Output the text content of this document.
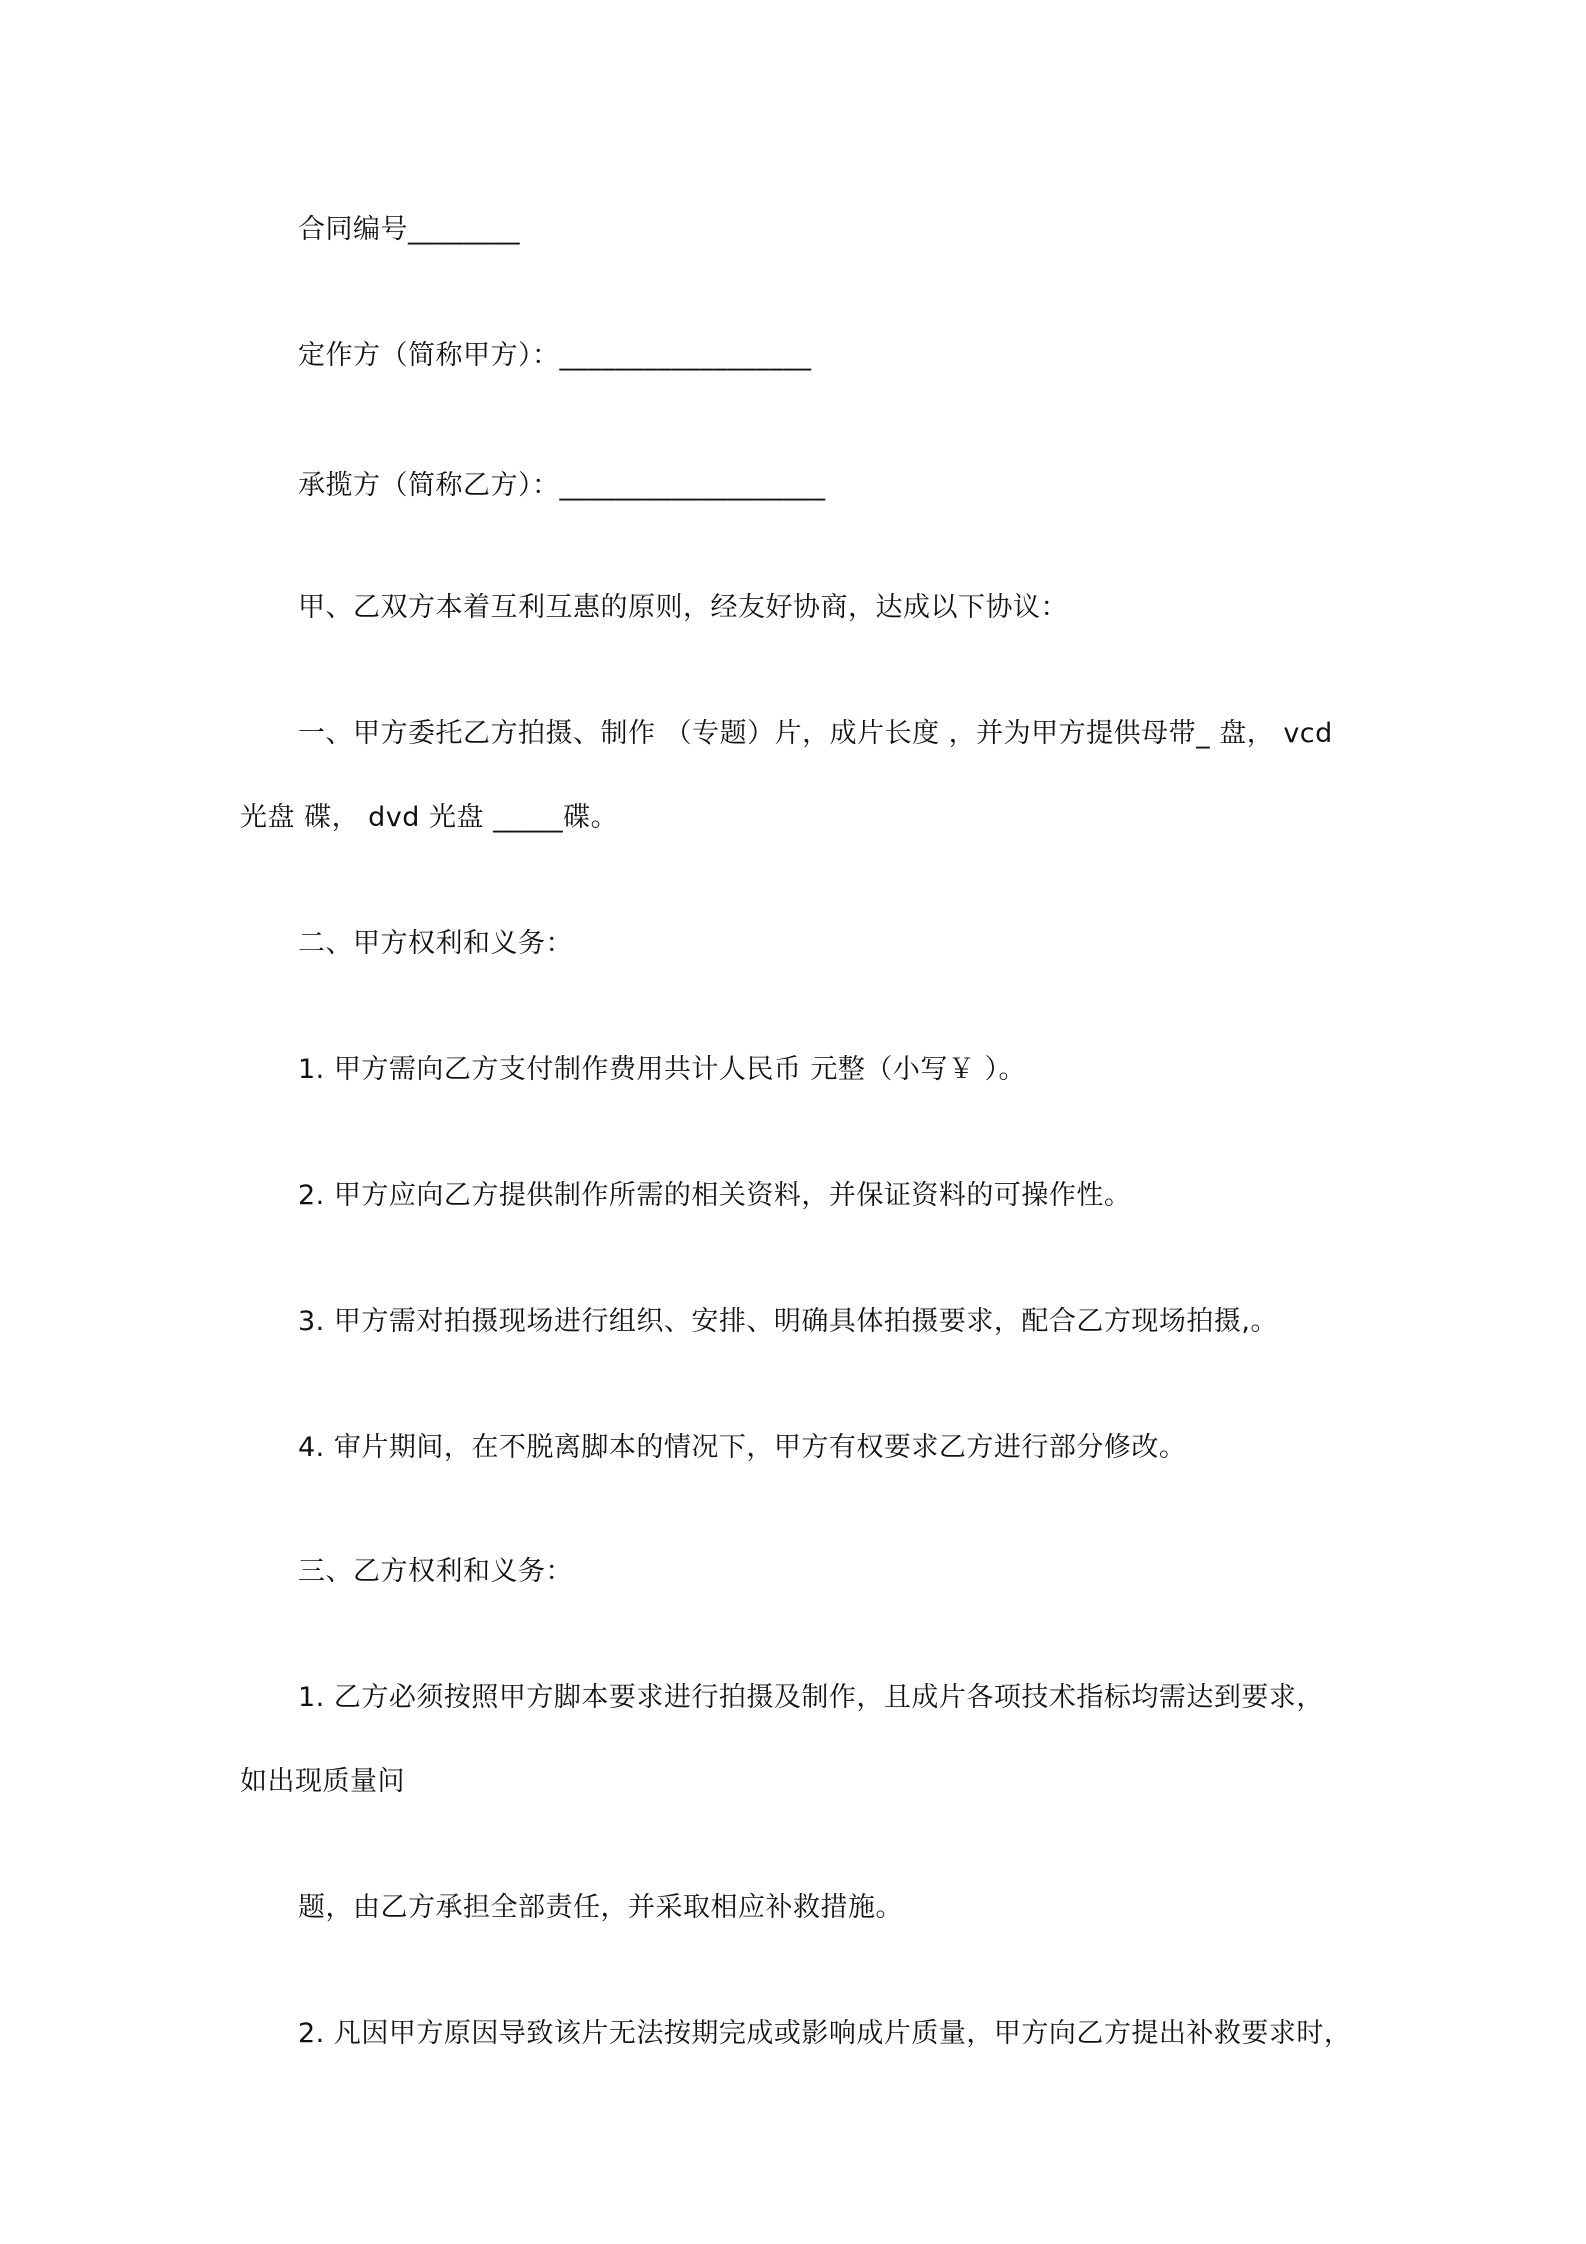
合同编号________
定作方（简称甲方）：__________________
承揽方（简称乙方）：___________________
甲、乙双方本着互利互惠的原则，经友好协商，达成以下协议：
一、甲方委托乙方拍摄、制作 （专题）片，成片长度 ，并为甲方提供母带_ 盘， vcd
光盘 碟， dvd 光盘 _____碟。
二、甲方权利和义务：
1. 甲方需向乙方支付制作费用共计人民币 元整（小写￥ ）。
2. 甲方应向乙方提供制作所需的相关资料，并保证资料的可操作性。
3. 甲方需对拍摄现场进行组织、安排、明确具体拍摄要求，配合乙方现场拍摄,。
4. 审片期间，在不脱离脚本的情况下，甲方有权要求乙方进行部分修改。
三、乙方权利和义务：
1. 乙方必须按照甲方脚本要求进行拍摄及制作，且成片各项技术指标均需达到要求，
如出现质量问
题，由乙方承担全部责任，并采取相应补救措施。
2. 凡因甲方原因导致该片无法按期完成或影响成片质量，甲方向乙方提出补救要求时，
